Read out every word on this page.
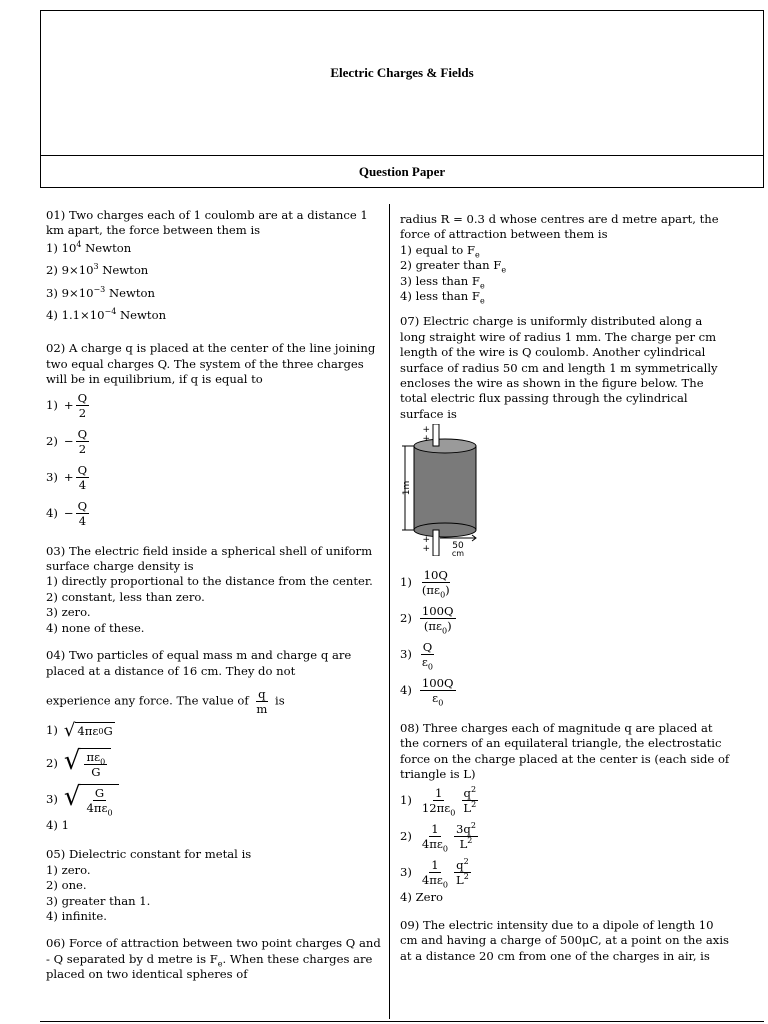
Electric Charges & Fields
Question Paper

01) Two charges each of 1 coulomb are at a distance 1 km apart, the force between them is

1) $10^4$ Newton
2) $9\times 10^3$ Newton
3) $9\times 10^{-3}$ Newton
4) $1.1\times 10^{-4}$ Newton

02) A charge q is placed at the center of the line joining two equal charges Q. The system of the three charges will be in equilibrium, if q is equal to

$1) + \frac{Q}{2}$
$2) - \frac{Q}{2}$
$3) + \frac{Q}{4}$
$4) - \frac{Q}{4}$

03) The electric field inside a spherical shell of uniform surface charge density is

1) directly proportional to the distance from the center.

2) constant, less than zero.

3) zero.

4) none of these.

04) Two particles of equal mass m and charge q are placed at a distance of 16 cm. They do not

experience any force. The value of $\frac{q}{m}$ is

1) √ 4πε 0 G
2) √ $\frac{\pi\varepsilon_0}{G}$
3) √ $\frac{G}{4\pi\varepsilon_0}$

4) 1

05) Dielectric constant for metal is

1) zero.

2) one.

3) greater than 1.

4) infinite.

06) Force of attraction between two point charges Q and - Q separated by d metre is $F_e$. When these charges are placed on two identical spheres of

radius R = 0.3 d whose centres are d metre apart, the force of attraction between them is

1) equal to $F_e$

2) greater than $F_e$

3) less than $F_e$

4) less than $F_e$

07) Electric charge is uniformly distributed along a long straight wire of radius 1 mm. The charge per cm length of the wire is Q coulomb. Another cylindrical surface of radius 50 cm and length 1 m symmetrically encloses the wire as shown in the figure below. The total electric flux passing through the cylindrical surface is

+
+
+
+
1m
50
cm
$1) \frac{10Q}{(\pi\varepsilon_0)}$
$2) \frac{100Q}{(\pi\varepsilon_0)}$
$3) \frac{Q}{\varepsilon_0}$
$4) \frac{100Q}{\varepsilon_0}$

08) Three charges each of magnitude q are placed at the corners of an equilateral triangle, the electrostatic force on the charge placed at the center is (each side of triangle is L)

$1) \frac{1}{12\pi\varepsilon_0} \frac{q^2}{L^2}$
$2) \frac{1}{4\pi\varepsilon_0} \frac{3q^2}{L^2}$
$3) \frac{1}{4\pi\varepsilon_0} \frac{q^2}{L^2}$

4) Zero

09) The electric intensity due to a dipole of length 10 cm and having a charge of 500μC, at a point on the axis at a distance 20 cm from one of the charges in air, is
